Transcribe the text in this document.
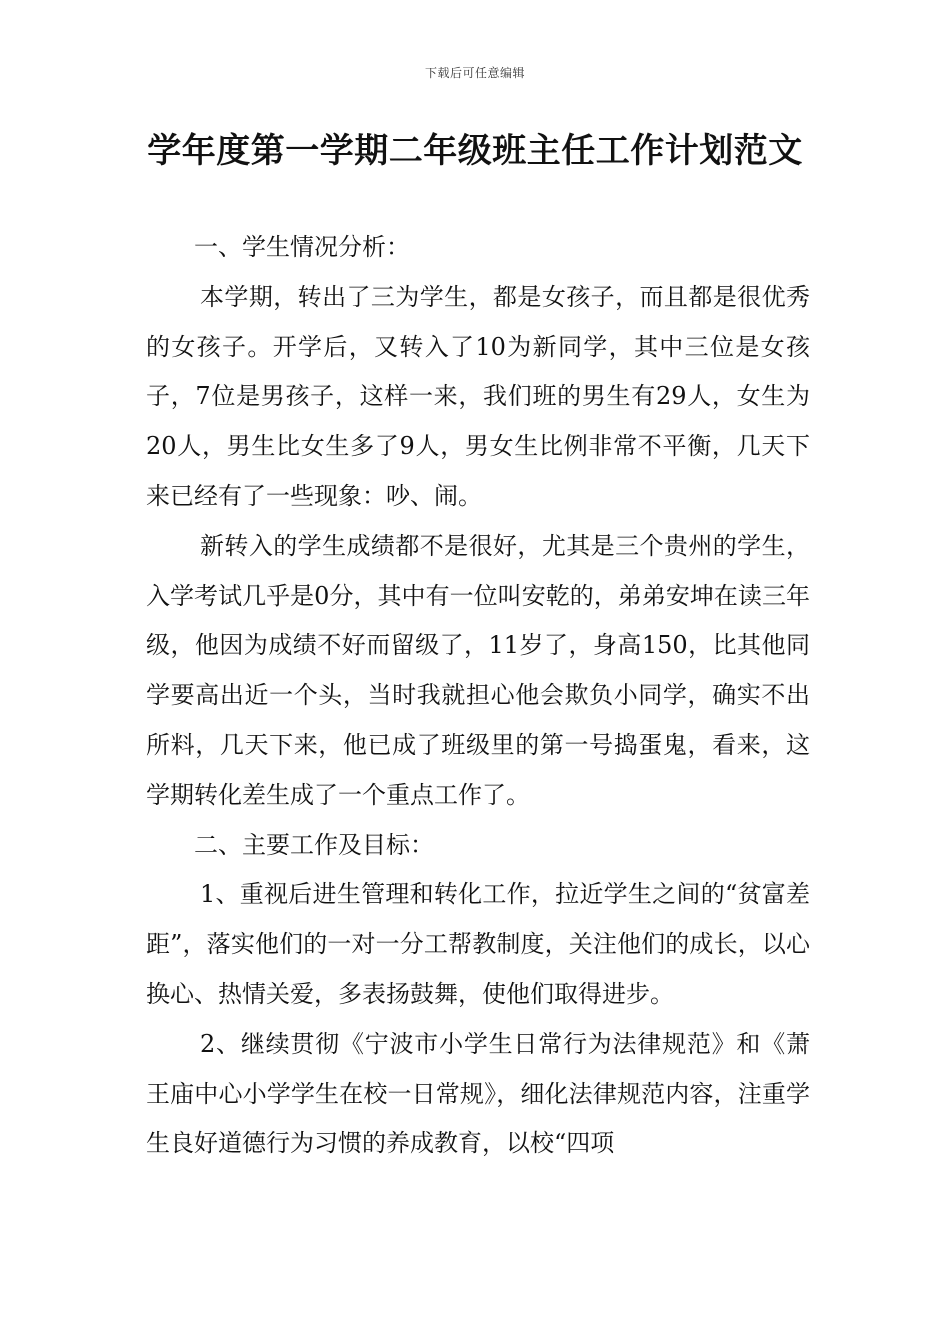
下载后可任意编辑
学年度第一学期二年级班主任工作计划范文

一、学生情况分析：

本学期，转出了三为学生，都是女孩子，而且都是很优秀的女孩子。开学后，又转入了10为新同学，其中三位是女孩子，7位是男孩子，这样一来，我们班的男生有29人，女生为20人，男生比女生多了9人，男女生比例非常不平衡，几天下来已经有了一些现象：吵、闹。

新转入的学生成绩都不是很好，尤其是三个贵州的学生，入学考试几乎是0分，其中有一位叫安乾的，弟弟安坤在读三年级，他因为成绩不好而留级了，11岁了，身高150，比其他同学要高出近一个头，当时我就担心他会欺负小同学，确实不出所料，几天下来，他已成了班级里的第一号捣蛋鬼，看来，这学期转化差生成了一个重点工作了。

二、主要工作及目标：

1、重视后进生管理和转化工作，拉近学生之间的“贫富差距”，落实他们的一对一分工帮教制度，关注他们的成长，以心换心、热情关爱，多表扬鼓舞，使他们取得进步。

2、继续贯彻《宁波市小学生日常行为法律规范》和《萧王庙中心小学学生在校一日常规》，细化法律规范内容，注重学生良好道德行为习惯的养成教育，以校“四项
